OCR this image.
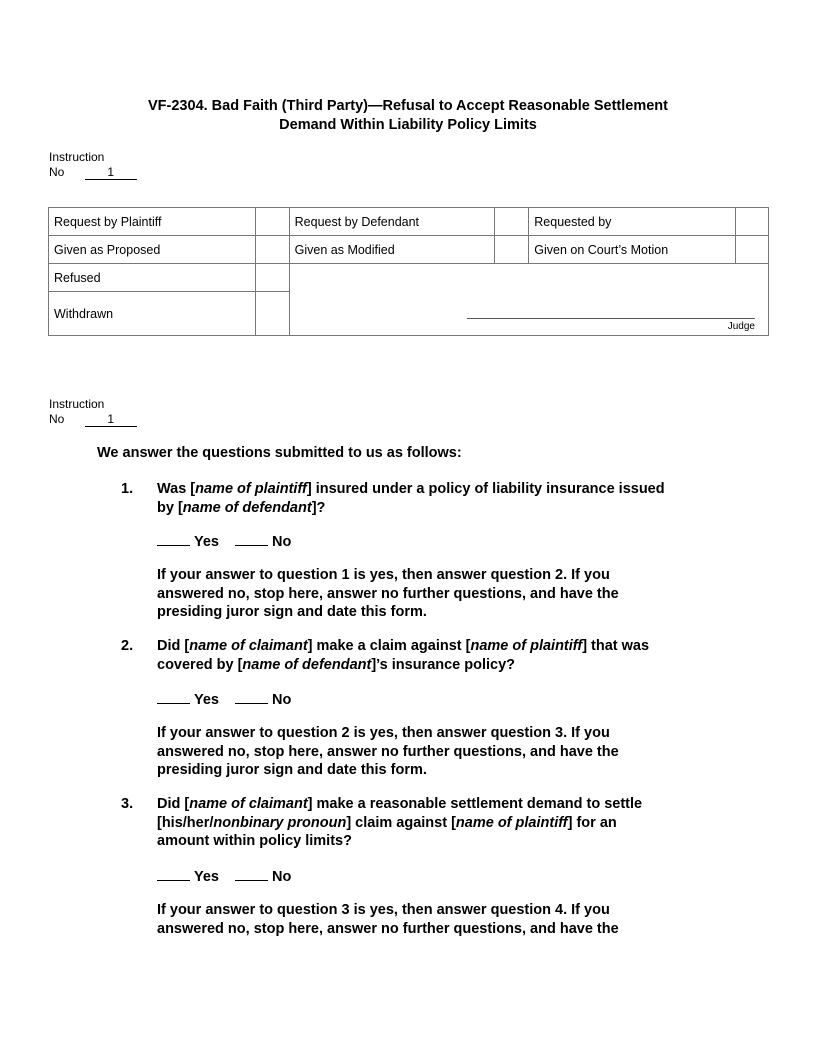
VF-2304. Bad Faith (Third Party)—Refusal to Accept Reasonable Settlement
Demand Within Liability Policy Limits
Instruction
No	1
Request by Plaintiff		Request by Defendant		Requested by	
Given as Proposed		Given as Modified		Given on Court’s Motion	
Refused		Judge			

Withdrawn					
Instruction
No	1
We answer the questions submitted to us as follows:
1. Was [name of plaintiff] insured under a policy of liability insurance issued
by [name of defendant]?
Yes	No
If your answer to question 1 is yes, then answer question 2. If you
answered no, stop here, answer no further questions, and have the
presiding juror sign and date this form.
2. Did [name of claimant] make a claim against [name of plaintiff] that was
covered by [name of defendant]’s insurance policy?
Yes	No
If your answer to question 2 is yes, then answer question 3. If you
answered no, stop here, answer no further questions, and have the
presiding juror sign and date this form.
3. Did [name of claimant] make a reasonable settlement demand to settle
[his/her/nonbinary pronoun] claim against [name of plaintiff] for an
amount within policy limits?
Yes	No
If your answer to question 3 is yes, then answer question 4. If you
answered no, stop here, answer no further questions, and have the
